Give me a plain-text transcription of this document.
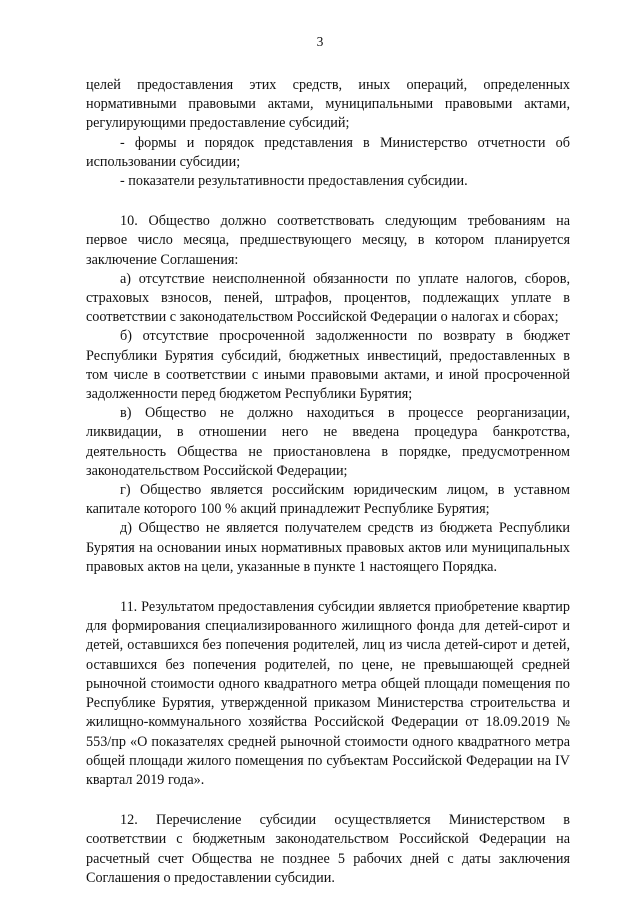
3

целей предоставления этих средств, иных операций, определенных нормативными правовыми актами, муниципальными правовыми актами, регулирующими предоставление субсидий;

- формы и порядок представления в Министерство отчетности об использовании субсидии;

- показатели результативности предоставления субсидии.

10. Общество должно соответствовать следующим требованиям на первое число месяца, предшествующего месяцу, в котором планируется заключение Соглашения:

а) отсутствие неисполненной обязанности по уплате налогов, сборов, страховых взносов, пеней, штрафов, процентов, подлежащих уплате в соответствии с законодательством Российской Федерации о налогах и сборах;

б) отсутствие просроченной задолженности по возврату в бюджет Республики Бурятия субсидий, бюджетных инвестиций, предоставленных в том числе в соответствии с иными правовыми актами, и иной просроченной задолженности перед бюджетом Республики Бурятия;

в) Общество не должно находиться в процессе реорганизации, ликвидации, в отношении него не введена процедура банкротства, деятельность Общества не приостановлена в порядке, предусмотренном законодательством Российской Федерации;

г) Общество является российским юридическим лицом, в уставном капитале которого 100 % акций принадлежит Республике Бурятия;

д) Общество не является получателем средств из бюджета Республики Бурятия на основании иных нормативных правовых актов или муниципальных правовых актов на цели, указанные в пункте 1 настоящего Порядка.

11. Результатом предоставления субсидии является приобретение квартир для формирования специализированного жилищного фонда для детей-сирот и детей, оставшихся без попечения родителей, лиц из числа детей-сирот и детей, оставшихся без попечения родителей, по цене, не превышающей средней рыночной стоимости одного квадратного метра общей площади помещения по Республике Бурятия, утвержденной приказом Министерства строительства и жилищно-коммунального хозяйства Российской Федерации от 18.09.2019 № 553/пр «О показателях средней рыночной стоимости одного квадратного метра общей площади жилого помещения по субъектам Российской Федерации на IV квартал 2019 года».

12. Перечисление субсидии осуществляется Министерством в соответствии с бюджетным законодательством Российской Федерации на расчетный счет Общества не позднее 5 рабочих дней с даты заключения Соглашения о предоставлении субсидии.
